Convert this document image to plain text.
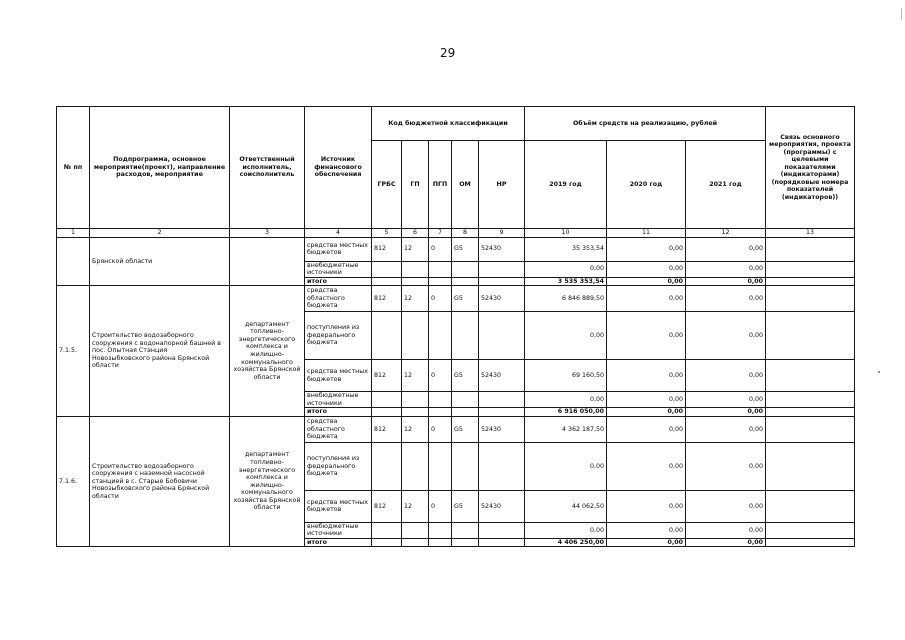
29
№ пп	Подпрограмма, основное мероприятие(проект), направление расходов, мероприятие	Ответственный исполнитель, соисполнитель	Источник финансового обеспечения	Код бюджетной классификации					Объём средств на реализацию, рублей			Связь основного мероприятия, проекта (программы) с целевыми показателями (индикаторами) (порядковые номера показателей (индикаторов))
				ГРБС	ГП	ПГП	ОМ	НР	2019 год	2020 год	2021 год	
1	2	3	4	5	6	7	8	9	10	11	12	13
	Брянской области		средства местных бюджетов	812	12	0	G5	52430	35 353,54	0,00	0,00	
			внебюджетные источники						0,00	0,00	0,00	
			итого						3 535 353,54	0,00	0,00	
7.1.5.	Строительство водозаборного сооружения с водонапорной башней в пос. Опытная Станция Новозыбковского района Брянской области	департамент топливно-энергетического комплекса и жилищно-коммунального хозяйства Брянской области	средства областного бюджета	812	12	0	G5	52430	6 846 889,50	0,00	0,00	
			поступления из федерального бюджета						0,00	0,00	0,00	
			средства местных бюджетов	812	12	0	G5	52430	69 160,50	0,00	0,00	
			внебюджетные источники						0,00	0,00	0,00	
			итого						6 916 050,00	0,00	0,00	
7.1.6.	Строительство водозаборного сооружения с наземной насосной станцией в с. Старые Бобовичи Новозыбковского района Брянской области	департамент топливно-энергетического комплекса и жилищно-коммунального хозяйства Брянской области	средства областного бюджета	812	12	0	G5	52430	4 362 187,50	0,00	0,00	
			поступления из федерального бюджета						0,00	0,00	0,00	
			средства местных бюджетов	812	12	0	G5	52430	44 062,50	0,00	0,00	
			внебюджетные источники						0,00	0,00	0,00	
			итого						4 406 250,00	0,00	0,00	
